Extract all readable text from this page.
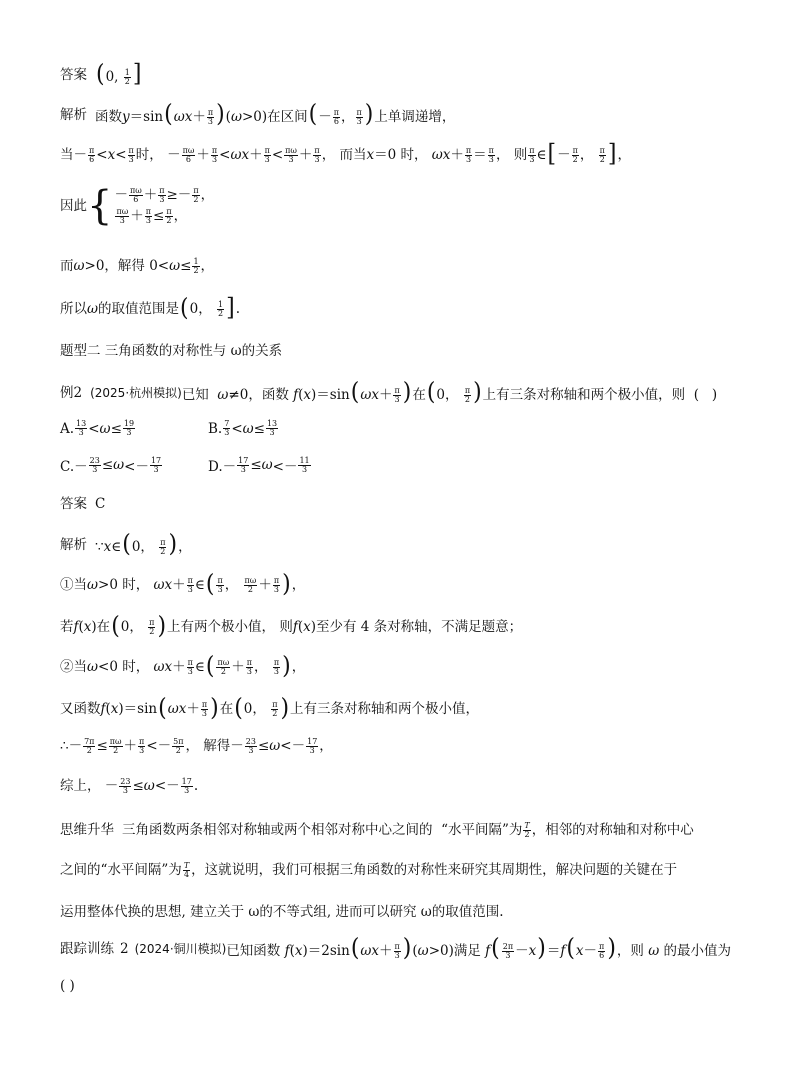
答案 (0, $\frac{1}{2}$ ]
解析 函数$y=\sin(\omega x+ \frac{\pi}{3} )(\omega>0)$在区间(－ $\frac{\pi}{6}$ ， $\frac{\pi}{3}$ )上单调递增，
当－ $\frac{\pi}{6} < x < \frac{\pi}{3}$ 时， － $\frac{\pi\omega}{6} + \frac{\pi}{3} < \omega x + \frac{\pi}{3} < \frac{\pi\omega}{3} + \frac{\pi}{3}$ ， 而当 x ＝0 时， $\omega x + \frac{\pi}{3} = \frac{\pi}{3}$ ， 则 $\frac{\pi}{3}$ ∈ [ － $\frac{\pi}{2}$ ， $\frac{\pi}{2}$ ] ，
因此 { － $\frac{\pi\omega}{6} + \frac{\pi}{3} \ge- \frac{\pi}{2}$ ，
$\frac{\pi\omega}{3} + \frac{\pi}{3} \le \frac{\pi}{2}$ ，
而 ω >0，解得 $0< \omega \le \frac{1}{2}$ ，
所以 ω 的取值范围是 ( 0， $\frac{1}{2}$ ] .
题型二 三角函数的对称性与 ω的关系
例2 (2025·杭州模拟) 已知  ω≠0，函数 $f(x)=\sin(\omega x+ \frac{\pi}{3}$ )在(0， $\frac{\pi}{2}$ )上有三条对称轴和两个极小值，则  (   )
A. $\frac{13}{3} < \omega \le \frac{19}{3}$	B. $\frac{7}{3} < \omega \le \frac{13}{3}$
$C.- \frac{23}{3} \le \omega <- \frac{17}{3}$	$D.- \frac{17}{3} \le \omega <- \frac{11}{3}$
答案 C
解析 ∵x∈(0， $\frac{\pi}{2}$ )，
①当 ω >0 时， $\omega x + \frac{\pi}{3}$ ∈ ( $\frac{\pi}{3}$ ， $\frac{\pi\omega}{2} + \frac{\pi}{3}$ ) ，
若 f ( x )在 ( 0， $\frac{\pi}{2}$ ) 上有两个极小值， 则 f ( x )至少有 4 条对称轴，不满足题意；
②当 ω <0 时， $\omega x + \frac{\pi}{3}$ ∈ ( $\frac{\pi\omega}{2} + \frac{\pi}{3}$ ， $\frac{\pi}{3}$ ) ，
又函数 f ( x )＝sin ( $\omega x + \frac{\pi}{3}$ ) 在 ( 0， $\frac{\pi}{2}$ ) 上有三条对称轴和两个极小值，
∴－ $\frac{7\pi}{2} \le \frac{\pi\omega}{2} + \frac{\pi}{3} <- \frac{5\pi}{2}$ ， 解得－ $\frac{23}{3} \le \omega <- \frac{17}{3}$ ，
综上， － $\frac{23}{3} \le \omega <- \frac{17}{3}$ .
思维升华 三角函数两条相邻对称轴或两个相邻对称中心之间的  “水平间隔”为 $\frac{T}{2}$ ，相邻的对称轴和对称中心
之间的“水平间隔”为 $\frac{T}{4}$ ，这就说明，我们可根据三角函数的对称性来研究其周期性，解决问题的关键在于
运用整体代换的思想, 建立关于 ω的不等式组, 进而可以研究 ω的取值范围.
跟踪训练 2 (2024·铜川模拟) 已知函数 $f(x)=2\sin(\omega x+ \frac{\pi}{3} )(\omega>0)$满足 $f( \frac{2\pi}{3} -x)=f(x- \frac{\pi}{6}$ )，则 ω 的最小值为
( )
